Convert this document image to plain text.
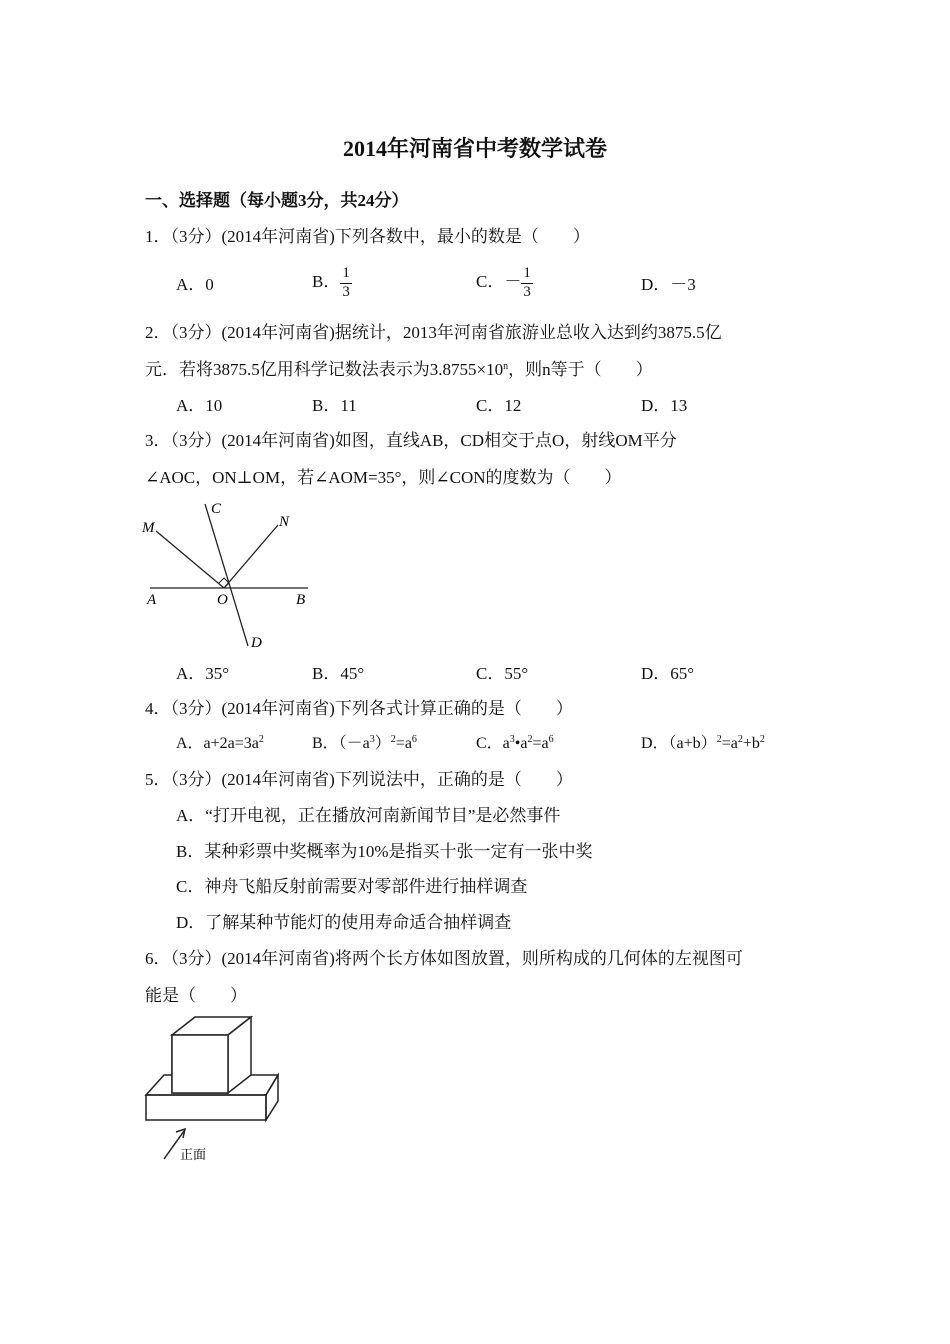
2014年河南省中考数学试卷
一、选择题（每小题3分，共24分）
1．（3分）(2014年河南省)下列各数中，最小的数是（　　）
A．0	B． $\frac{1}{3}$	C．－ $\frac{1}{3}$	D．－3
2．（3分）(2014年河南省)据统计，2013年河南省旅游业总收入达到约3875.5亿
元．若将3875.5亿用科学记数法表示为$3.8755\times 10^n$，则n等于（　　）
A．10	B．11	C．12	D．13
3．（3分）(2014年河南省)如图，直线AB，CD相交于点O，射线OM平分
∠AOC，ON⊥OM，若∠AOM=35°，则∠CON的度数为（　　）
M
C
N
A	O	B
D
A．35°	B．45°	C．55°	D．65°
4．（3分）(2014年河南省)下列各式计算正确的是（　　）
A．$a+2a=3a^2$	B．$(-a^3)^2=a^6$	C．$a^3•a^2=a^6$	D．$(a+b)^2=a^2+b^2$
5．（3分）(2014年河南省)下列说法中，正确的是（　　）
A．“打开电视，正在播放河南新闻节目”是必然事件
B．某种彩票中奖概率为10%是指买十张一定有一张中奖
C．神舟飞船反射前需要对零部件进行抽样调查
D．了解某种节能灯的使用寿命适合抽样调查
6．（3分）(2014年河南省)将两个长方体如图放置，则所构成的几何体的左视图可
能是（　　）
正面
